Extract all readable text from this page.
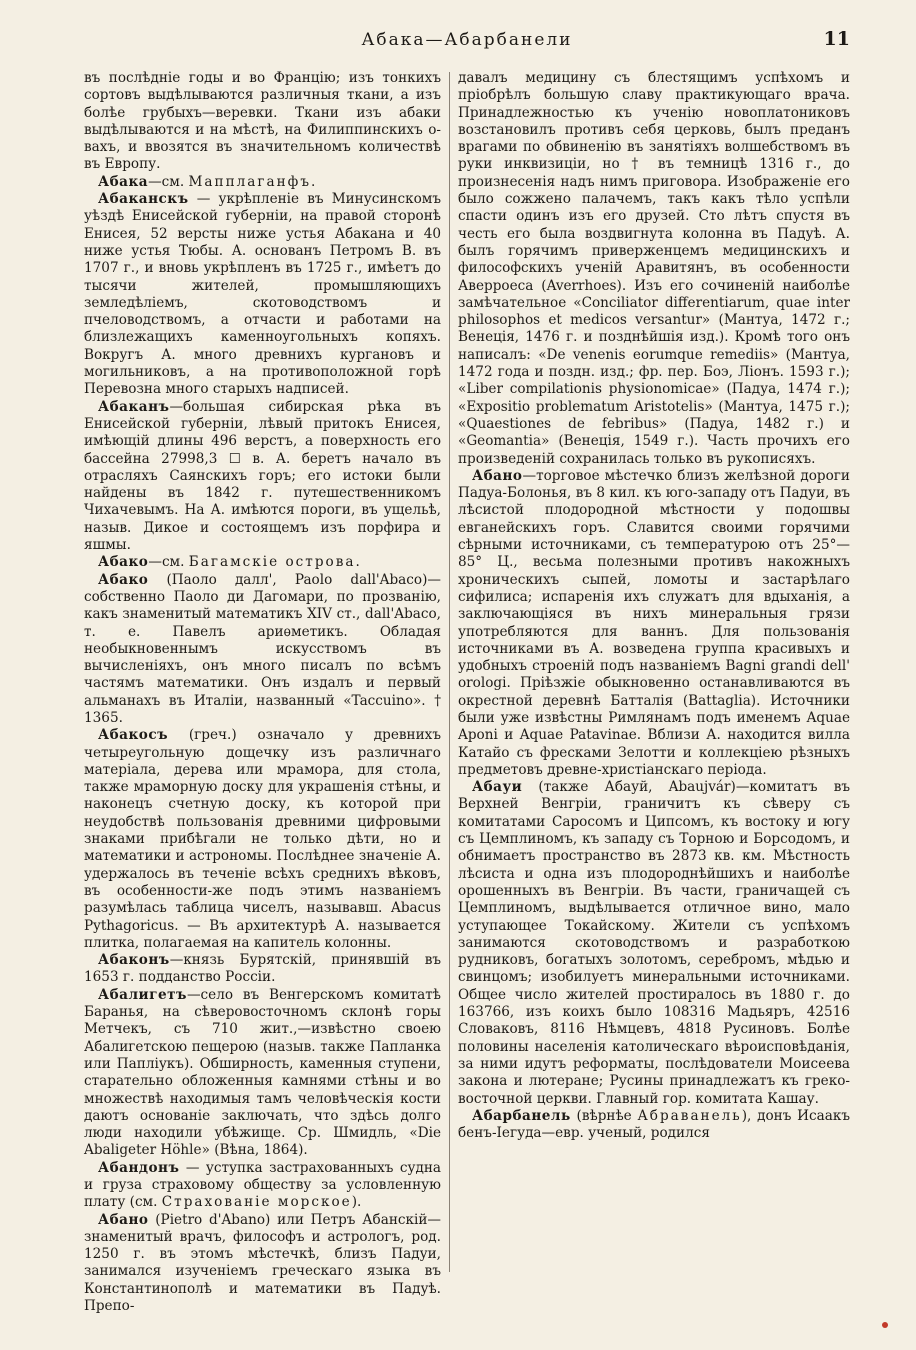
Абака—Абарбанели	11

въ послѣднiе годы и во Францiю; изъ тонкихъ сортовъ выдѣлываются различныя ткани, а изъ болѣе грубыхъ—веревки. Ткани изъ абаки выдѣлываются и на мѣстѣ, на Филиппинскихъ о-вахъ, и ввозятся въ значительномъ количествѣ въ Европу.

Абака—см. Мапплаганфъ.

Абаканскъ — укрѣпленiе въ Минусинскомъ уѣздѣ Енисейской губернiи, на правой сторонѣ Енисея, 52 версты ниже устья Абакана и 40 ниже устья Тюбы. А. основанъ Петромъ В. въ 1707 г., и вновь укрѣпленъ въ 1725 г., имѣетъ до тысячи жителей, промышляющихъ земледѣлiемъ, скотоводствомъ и пчеловодствомъ, а отчасти и работами на близлежащихъ каменноугольныхъ копяхъ. Вокругъ А. много древнихъ кургановъ и могильниковъ, а на противоположной горѣ Перевозна много старыхъ надписей.

Абаканъ—большая сибирская рѣка въ Енисейской губернiи, лѣвый притокъ Енисея, имѣющiй длины 496 верстъ, а поверхность его бассейна 27998,3 ☐ в. А. беретъ начало въ отрасляхъ Саянскихъ горъ; его истоки были найдены въ 1842 г. путешественникомъ Чихачевымъ. На А. имѣются пороги, въ ущельѣ, назыв. Дикое и состоящемъ изъ порфира и яшмы.

Абако—см. Багамскiе острова.

Абако (Паоло далл', Paolo dall'Abaco)—собственно Паоло ди Дагомари, по прозванiю, какъ знаменитый математикъ XIV ст., dall'Abaco, т. е. Павелъ ариѳметикъ. Обладая необыкновеннымъ искусствомъ въ вычисленiяхъ, онъ много писалъ по всѣмъ частямъ математики. Онъ издалъ и первый альманахъ въ Италiи, названный «Taccuino». † 1365.

Абакосъ (греч.) означало у древнихъ четыреугольную дощечку изъ различнаго матерiала, дерева или мрамора, для стола, также мраморную доску для украшенiя стѣны, и наконецъ счетную доску, къ которой при неудобствѣ пользованiя древними цифровыми знаками прибѣгали не только дѣти, но и математики и астрономы. Послѣднее значенiе А. удержалось въ теченiе всѣхъ среднихъ вѣковъ, въ особенности-же подъ этимъ названiемъ разумѣлась таблица чиселъ, называвш. Abacus Pythagoricus. — Въ архитектурѣ А. называется плитка, полагаемая на капитель колонны.

Абаконъ—князь Бурятскiй, принявшiй въ 1653 г. подданство Россiи.

Абалигетъ—село въ Венгерскомъ комитатѣ Баранья, на сѣверовосточномъ склонѣ горы Метчекъ, съ 710 жит.,—извѣстно своею Абалигетскою пещерою (назыв. также Папланка или Папліукъ). Обширность, каменныя ступени, старательно обложенныя камнями стѣны и во множествѣ находимыя тамъ человѣческiя кости даютъ основанiе заключать, что здѣсь долго люди находили убѣжище. Ср. Шмидль, «Die Abaligeter Höhle» (Вѣна, 1864).

Абандонъ — уступка застрахованныхъ судна и груза страховому обществу за условленную плату (см. Страхованiе морское).

Абано (Pietro d'Abano) или Петръ Абанскiй—знаменитый врачъ, философъ и астрологъ, род. 1250 г. въ этомъ мѣстечкѣ, близъ Падуи, занимался изученiемъ греческаго языка въ Константинополѣ и математики въ Падуѣ. Препо-

давалъ медицину съ блестящимъ успѣхомъ и прiобрѣлъ большую славу практикующаго врача. Принадлежностью къ ученiю новоплатониковъ возстановилъ противъ себя церковь, былъ преданъ врагами по обвиненiю въ занятiяхъ волшебствомъ въ руки инквизицiи, но † въ темницѣ 1316 г., до произнесенiя надъ нимъ приговора. Изображенiе его было сожжено палачемъ, такъ какъ тѣло успѣли спасти одинъ изъ его друзей. Сто лѣтъ спустя въ честь его была воздвигнута колонна въ Падуѣ. А. былъ горячимъ приверженцемъ медицинскихъ и философскихъ ученiй Аравитянъ, въ особенности Аверроеса (Averrhoes). Изъ его сочиненiй наиболѣе замѣчательное «Conciliator differentiarum, quae inter philosophos et medicos versantur» (Мантуа, 1472 г.; Венецiя, 1476 г. и позднѣйшiя изд.). Кромѣ того онъ написалъ: «De venenis eorumque remediis» (Мантуа, 1472 года и поздн. изд.; фр. пер. Боэ, Лiонъ. 1593 г.); «Liber compilationis physionomicae» (Падуа, 1474 г.); «Expositio problematum Aristotelis» (Мантуа, 1475 г.); «Quaestiones de febribus» (Падуа, 1482 г.) и «Geomantia» (Венецiя, 1549 г.). Часть прочихъ его произведенiй сохранилась только въ рукописяхъ.

Абано—торговое мѣстечко близъ желѣзной дороги Падуа-Болонья, въ 8 кил. къ юго-западу отъ Падуи, въ лѣсистой плодородной мѣстности у подошвы евганейскихъ горъ. Славится своими горячими сѣрными источниками, съ температурою отъ 25°—85° Ц., весьма полезными противъ накожныхъ хроническихъ сыпей, ломоты и застарѣлаго сифилиса; испаренiя ихъ служатъ для вдыханiя, а заключающiяся въ нихъ минеральныя грязи употребляются для ваннъ. Для пользованiя источниками въ А. возведена группа красивыхъ и удобныхъ строенiй подъ названiемъ Bagni grandi dell' orologi. Прiѣзжiе обыкновенно останавливаются въ окрестной деревнѣ Батталiя (Battaglia). Источники были уже извѣстны Римлянамъ подъ именемъ Aquae Aponi и Aquae Patavinae. Вблизи А. находится вилла Катайо съ фресками Зелотти и коллекцiею рѣзныхъ предметовъ древне-христiанскаго перiода.

Абауи (также Абауй, Abaujvár)—комитатъ въ Верхней Венгрiи, граничитъ къ сѣверу съ комитатами Саросомъ и Ципсомъ, къ востоку и югу съ Цемплиномъ, къ западу съ Торною и Борсодомъ, и обнимаетъ пространство въ 2873 кв. км. Мѣстность лѣсиста и одна изъ плодороднѣйшихъ и наиболѣе орошенныхъ въ Венгрiи. Въ части, граничащей съ Цемплиномъ, выдѣлывается отличное вино, мало уступающее Токайскому. Жители съ успѣхомъ занимаются скотоводствомъ и разработкою рудниковъ, богатыхъ золотомъ, серебромъ, мѣдью и свинцомъ; изобилуетъ минеральными источниками. Общее число жителей простиралось въ 1880 г. до 163766, изъ коихъ было 108316 Мадьяръ, 42516 Словаковъ, 8116 Нѣмцевъ, 4818 Русиновъ. Болѣе половины населенiя католическаго вѣроисповѣданiя, за ними идутъ реформаты, послѣдователи Моисеева закона и лютеране; Русины принадлежатъ къ греко-восточной церкви. Главный гор. комитата Кашау.

Абарбанель (вѣрнѣе Абраванель), донъ Исаакъ бенъ-Iегуда—евр. ученый, родился
